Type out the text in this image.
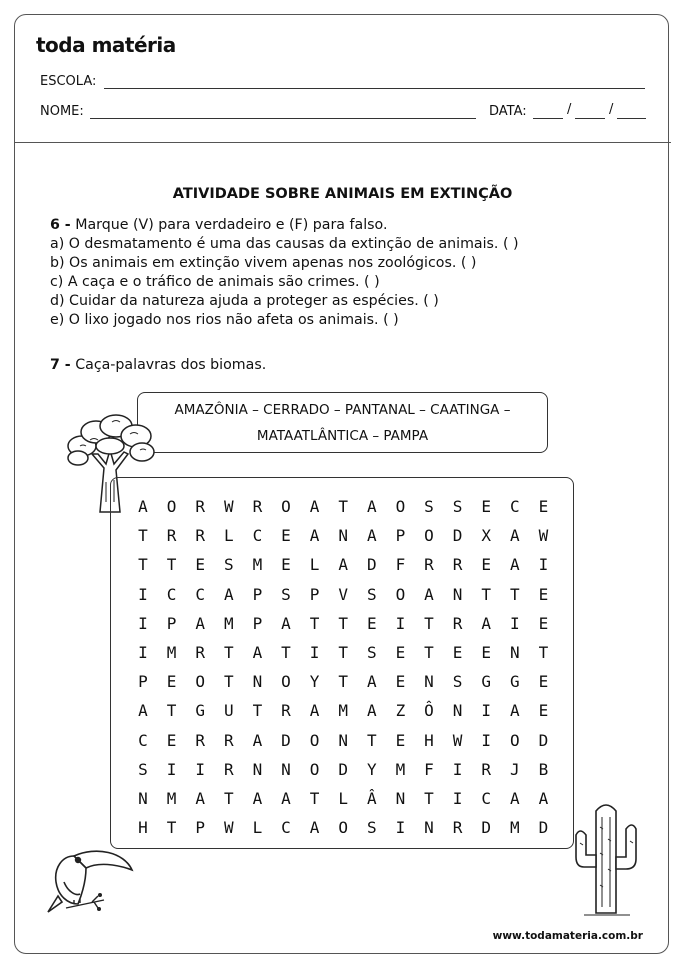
toda matéria
ESCOLA:
NOME:	DATA:	/	/
ATIVIDADE SOBRE ANIMAIS EM EXTINÇÃO
6 - Marque (V) para verdadeiro e (F) para falso.
a) O desmatamento é uma das causas da extinção de animais. ( )
b) Os animais em extinção vivem apenas nos zoológicos. ( )
c) A caça e o tráfico de animais são crimes. ( )
d) Cuidar da natureza ajuda a proteger as espécies. ( )
e) O lixo jogado nos rios não afeta os animais. ( )
7 - Caça-palavras dos biomas.
AMAZÔNIA – CERRADO – PANTANAL – CAATINGA –
MATAATLÂNTICA – PAMPA
A	O	R	W	R	O	A	T	A	O	S	S	E	C	E
T	R	R	L	C	E	A	N	A	P	O	D	X	A	W
T	T	E	S	M	E	L	A	D	F	R	R	E	A	I
I	C	C	A	P	S	P	V	S	O	A	N	T	T	E
I	P	A	M	P	A	T	T	E	I	T	R	A	I	E
I	M	R	T	A	T	I	T	S	E	T	E	E	N	T
P	E	O	T	N	O	Y	T	A	E	N	S	G	G	E
A	T	G	U	T	R	A	M	A	Z	Ô	N	I	A	E
C	E	R	R	A	D	O	N	T	E	H	W	I	O	D
S	I	I	R	N	N	O	D	Y	M	F	I	R	J	B
N	M	A	T	A	A	T	L	Â	N	T	I	C	A	A
H	T	P	W	L	C	A	O	S	I	N	R	D	M	D
www.todamateria.com.br
